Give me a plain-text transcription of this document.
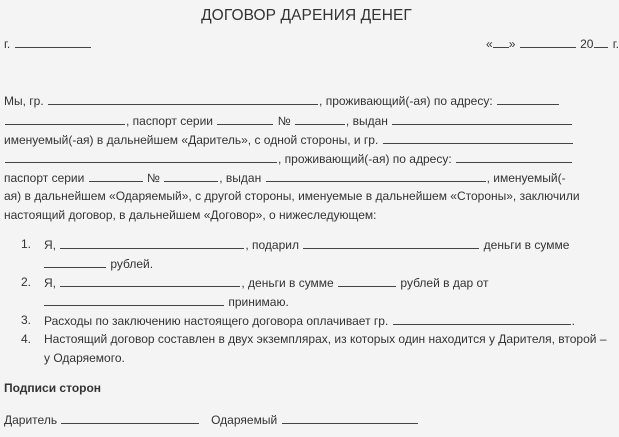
ДОГОВОР ДАРЕНИЯ ДЕНЕГ
г.	« »	20 г.
Мы, гр.	, проживающий(-ая) по адресу:
, паспорт серии	№	, выдан
именуемый(-ая) в дальнейшем «Даритель», с одной стороны, и гр.
, проживающий(-ая) по адресу:
паспорт серии	№	, выдан	, именуемый(-
ая) в дальнейшем «Одаряемый», с другой стороны, именуемые в дальнейшем «Стороны», заключили
настоящий договор, в дальнейшем «Договор», о нижеследующем:
1. Я,	, подарил	деньги в сумме
рублей.
2. Я,	, деньги в сумме	рублей в дар от
принимаю.
3. Расходы по заключению настоящего договора оплачивает гр.	.
4. Настоящий договор составлен в двух экземплярах, из которых один находится у Дарителя, второй –
у Одаряемого.
Подписи сторон
Даритель	Одаряемый
